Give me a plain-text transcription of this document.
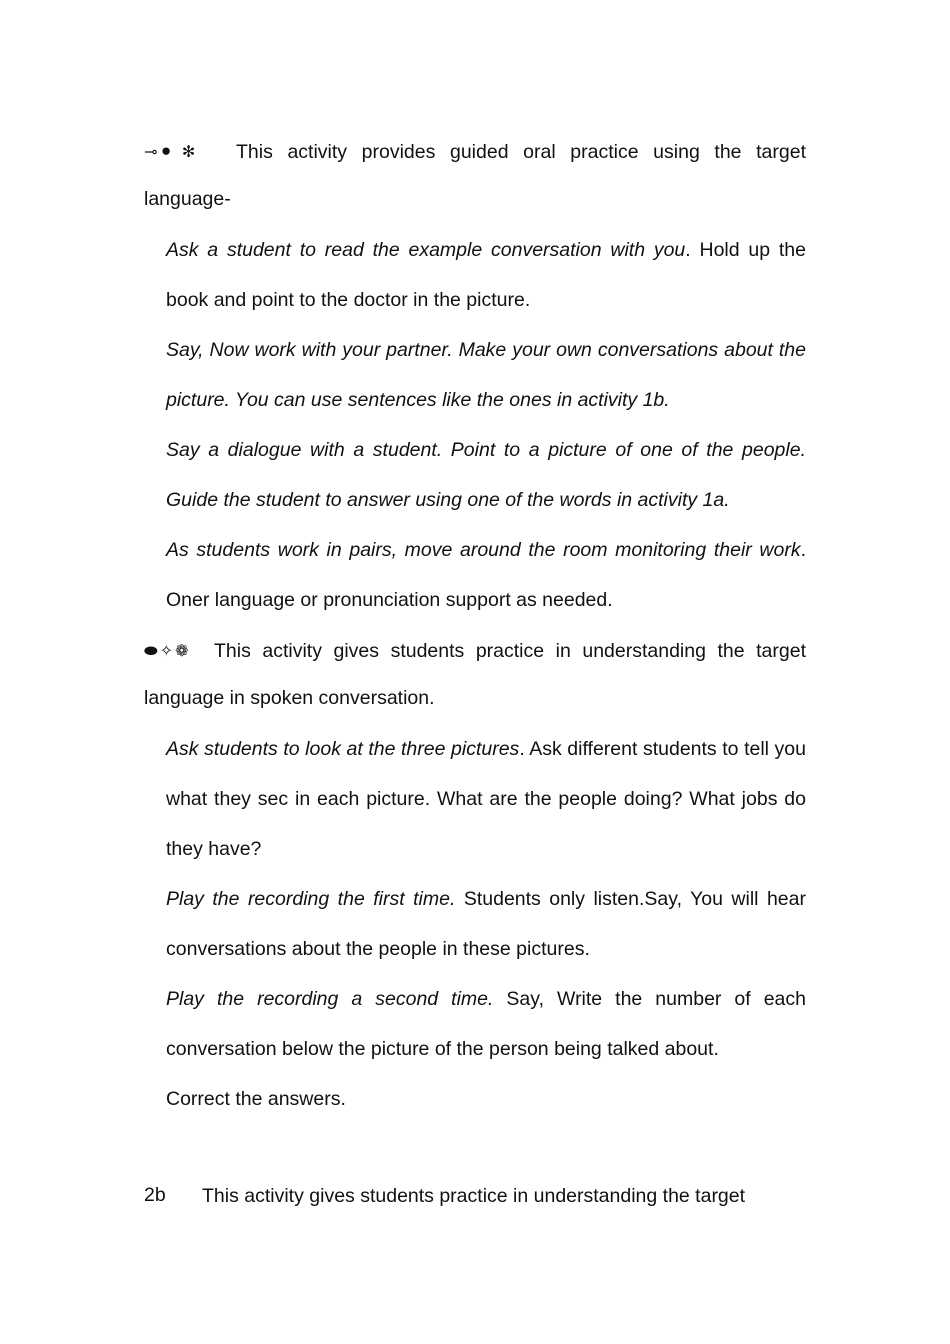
⊸⚫ ✻ This activity provides guided oral practice using the target language-

Ask a student to read the example conversation with you. Hold up the book and point to the doctor in the picture.

Say, Now work with your partner. Make your own conversations about the picture. You can use sentences like the ones in activity 1b.

Say a dialogue with a student. Point to a picture of one of the people. Guide the student to answer using one of the words in activity 1a.

As students work in pairs, move around the room monitoring their work. Oner language or pronunciation support as needed.

⬬✧❁ This activity gives students practice in understanding the target language in spoken conversation.

Ask students to look at the three pictures. Ask different students to tell you what they sec in each picture. What are the people doing? What jobs do they have?

Play the recording the first time. Students only listen.Say, You will hear conversations about the people in these pictures.

Play the recording a second time. Say, Write the number of each conversation below the picture of the person being talked about.

Correct the answers.

2b This activity gives students practice in understanding the target
